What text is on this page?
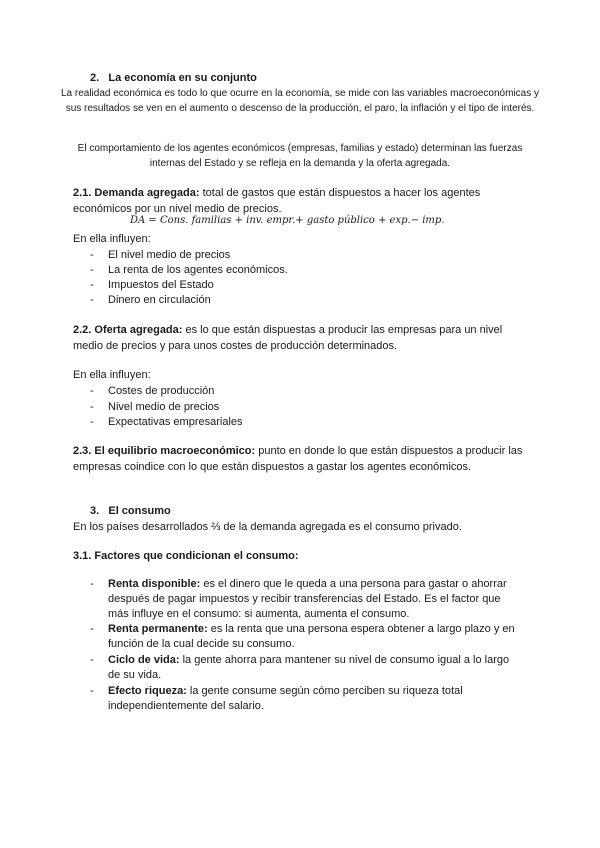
2. La economía en su conjunto
La realidad económica es todo lo que ocurre en la economía, se mide con las variables macroeconómicas y sus resultados se ven en el aumento o descenso de la producción, el paro, la inflación y el tipo de interés.
El comportamiento de los agentes económicos (empresas, familias y estado) determinan las fuerzas internas del Estado y se refleja en la demanda y la oferta agregada.
2.1. Demanda agregada: total de gastos que están dispuestos a hacer los agentes económicos por un nivel medio de precios.
DA = Cons. familias + inv. empr.+ gasto público + exp.− imp.
En ella influyen:
- El nivel medio de precios
- La renta de los agentes económicos.
- Impuestos del Estado
- Dinero en circulación
2.2. Oferta agregada: es lo que están dispuestas a producir las empresas para un nivel medio de precios y para unos costes de producción determinados.
En ella influyen:
- Costes de producción
- Nivel medio de precios
- Expectativas empresariales
2.3. El equilibrio macroeconómico: punto en donde lo que están dispuestos a producir las empresas coindice con lo que están dispuestos a gastar los agentes económicos.
3. El consumo
En los países desarrollados ⅔ de la demanda agregada es el consumo privado.
3.1. Factores que condicionan el consumo:
- Renta disponible: es el dinero que le queda a una persona para gastar o ahorrar después de pagar impuestos y recibir transferencias del Estado. Es el factor que más influye en el consumo: si aumenta, aumenta el consumo.
- Renta permanente: es la renta que una persona espera obtener a largo plazo y en función de la cual decide su consumo.
- Ciclo de vida: la gente ahorra para mantener su nivel de consumo igual a lo largo de su vida.
- Efecto riqueza: la gente consume según cómo perciben su riqueza total independientemente del salario.
